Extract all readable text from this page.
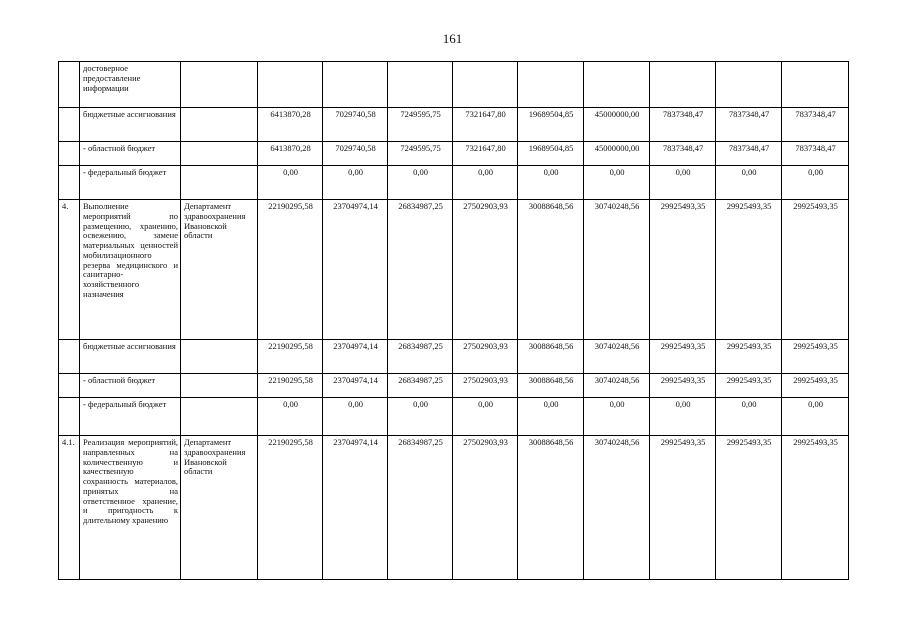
161
	достоверное предоставление информации										
	бюджетные ассигнования		6413870,28	7029740,58	7249595,75	7321647,80	19689504,85	45000000,00	7837348,47	7837348,47	7837348,47
	- областной бюджет		6413870,28	7029740,58	7249595,75	7321647,80	19689504,85	45000000,00	7837348,47	7837348,47	7837348,47
	- федеральный бюджет		0,00	0,00	0,00	0,00	0,00	0,00	0,00	0,00	0,00
4.	Выполнение мероприятий по размещению, хранению, освежению, замене материальных ценностей мобилизационного резерва медицинского и санитарно-хозяйственного назначения	Департамент здравоохранения Ивановской области	22190295,58	23704974,14	26834987,25	27502903,93	30088648,56	30740248,56	29925493,35	29925493,35	29925493,35
	бюджетные ассигнования		22190295,58	23704974,14	26834987,25	27502903,93	30088648,56	30740248,56	29925493,35	29925493,35	29925493,35
	- областной бюджет		22190295,58	23704974,14	26834987,25	27502903,93	30088648,56	30740248,56	29925493,35	29925493,35	29925493,35
	- федеральный бюджет		0,00	0,00	0,00	0,00	0,00	0,00	0,00	0,00	0,00
4.1.	Реализация мероприятий, направленных на количественную и качественную сохранность материалов, принятых на ответственное хранение, и пригодность к длительному хранению	Департамент здравоохранения Ивановской области	22190295,58	23704974,14	26834987,25	27502903,93	30088648,56	30740248,56	29925493,35	29925493,35	29925493,35
